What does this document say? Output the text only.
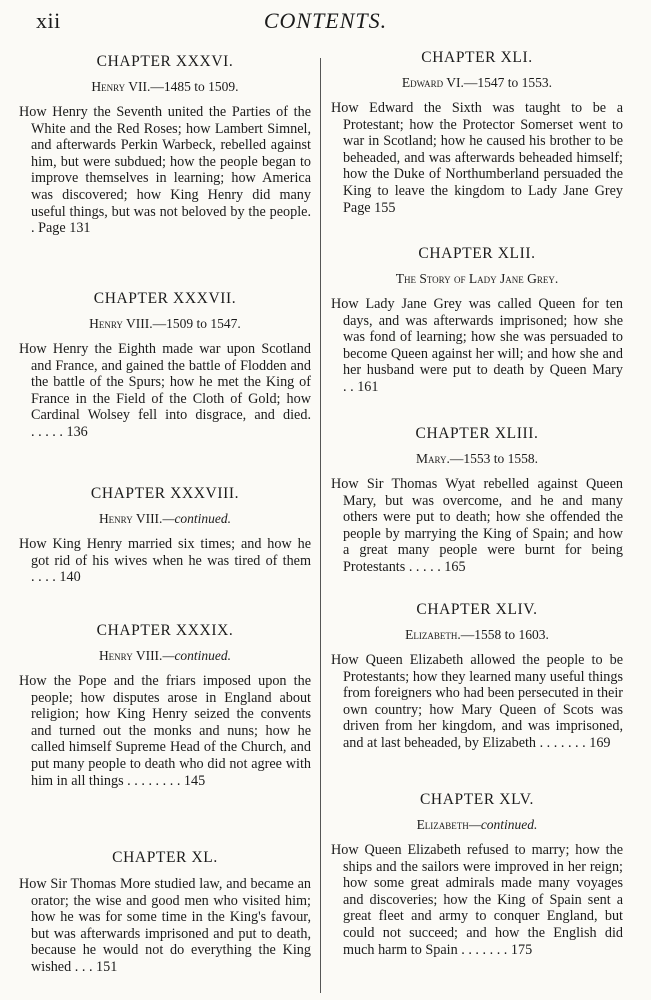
xii	CONTENTS.
CHAPTER XXXVI.
Henry VII.—1485 to 1509.
How Henry the Seventh united the Parties of the White and the Red Roses; how Lambert Simnel, and afterwards Perkin Warbeck, rebelled against him, but were subdued; how the people began to improve themselves in learning; how America was discovered; how King Henry did many useful things, but was not beloved by the people. . Page 131
CHAPTER XXXVII.
Henry VIII.—1509 to 1547.
How Henry the Eighth made war upon Scotland and France, and gained the battle of Flodden and the battle of the Spurs; how he met the King of France in the Field of the Cloth of Gold; how Cardinal Wolsey fell into disgrace, and died. . . . . . 136
CHAPTER XXXVIII.
Henry VIII.—continued.
How King Henry married six times; and how he got rid of his wives when he was tired of them . . . . 140
CHAPTER XXXIX.
Henry VIII.—continued.
How the Pope and the friars imposed upon the people; how disputes arose in England about religion; how King Henry seized the convents and turned out the monks and nuns; how he called himself Supreme Head of the Church, and put many people to death who did not agree with him in all things . . . . . . . . 145
CHAPTER XL.
How Sir Thomas More studied law, and became an orator; the wise and good men who visited him; how he was for some time in the King's favour, but was afterwards imprisoned and put to death, because he would not do everything the King wished . . . 151
CHAPTER XLI.
Edward VI.—1547 to 1553.
How Edward the Sixth was taught to be a Protestant; how the Protector Somerset went to war in Scotland; how he caused his brother to be beheaded, and was afterwards beheaded himself; how the Duke of Northumberland persuaded the King to leave the kingdom to Lady Jane Grey Page 155
CHAPTER XLII.
The Story of Lady Jane Grey.
How Lady Jane Grey was called Queen for ten days, and was afterwards imprisoned; how she was fond of learning; how she was persuaded to become Queen against her will; and how she and her husband were put to death by Queen Mary . . 161
CHAPTER XLIII.
Mary.—1553 to 1558.
How Sir Thomas Wyat rebelled against Queen Mary, but was overcome, and he and many others were put to death; how she offended the people by marrying the King of Spain; and how a great many people were burnt for being Protestants . . . . . 165
CHAPTER XLIV.
Elizabeth.—1558 to 1603.
How Queen Elizabeth allowed the people to be Protestants; how they learned many useful things from foreigners who had been persecuted in their own country; how Mary Queen of Scots was driven from her kingdom, and was imprisoned, and at last beheaded, by Elizabeth . . . . . . . 169
CHAPTER XLV.
Elizabeth—continued.
How Queen Elizabeth refused to marry; how the ships and the sailors were improved in her reign; how some great admirals made many voyages and discoveries; how the King of Spain sent a great fleet and army to conquer England, but could not succeed; and how the English did much harm to Spain . . . . . . . 175
